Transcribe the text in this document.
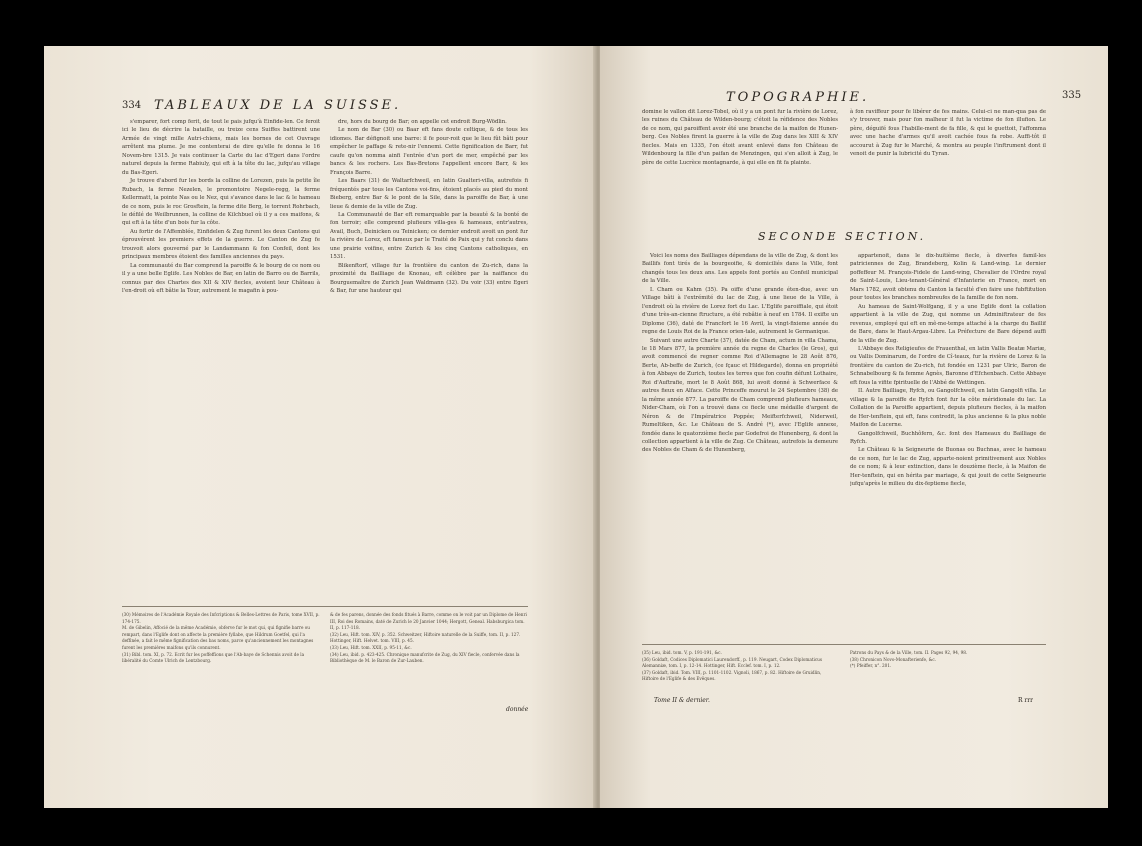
334 TABLEAUX DE LA SUISSE.

s'emparer, fort comp ferit, de tout le pais jufqu'à Einfide-len. Ce feroit ici le lieu de décrire la bataille, ou treize cens Suiffes battirent une Armée de vingt mille Autri-chiens, mais les bornes de cet Ouvrage arrêtent ma plume. Je me contenterai de dire qu'elle fe donna le 16 Novem-bre 1315. Je vais continuer la Carte du lac d'Egeri dans l'ordre naturel depuis la ferme Rabiuly, qui eft à la tête du lac, jufqu'au village du Bas-Egeri.

Je trouve d'abord fur les bords la colline de Lorezen, puis la petite île Rubach, la ferme Nezelen, le promontoire Negele-regg, la ferme Kellermatt, la pointe Nas ou le Nez, qui s'avance dans le lac & le hameau de ce nom, puis le roc Grosftein, la ferme dite Berg, le torrent Rohrbach, le défilé de Weilbrunnen, la colline de Kilchbuel où il y a ces maifons, & qui eft à la tête d'un bois fur la côte.

Au fortir de l'Affemblée, Einfidelen & Zug furent les deux Cantons qui éprouvérent les premiers effets de la guerre. Le Canton de Zug fe trouvoit alors gouverné par le Landammann & fon Confeil, dont les principaux membres étoient des familles anciennes du pays.

La communauté du Bar comprend la paroiffe & le bourg de ce nom ou il y a une belle Eglife. Les Nobles de Bar, en latin de Barro ou de Barrils, connus par des Chartes des XII & XIV fiecles, avoient leur Château à l'en-droit où eft bâtie la Tour, autrement le magafin à pou-

dre, hors du bourg de Bar; on appelle cet endroit Burg-Wödlin.

Le nom de Bar (30) ou Baar eft fans doute celtique, & de tous les idiomes. Bar défignoit une barre: il fe pour-roit que le lieu fût bâti pour empêcher le paffage & rete-nir l'ennemi. Cette fignification de Barr, fut caufe qu'on nomma ainfi l'entrée d'un port de mer, empêché par les bancs & les rochers. Les Bas-Bretons l'appellent encore Barr, & les François Barre.

Les Baars (31) de Waltarfchweil, en latin Gualteri-villa, autrefois fi fréquentés par tous les Cantons voi-fins, étoient placés au pied du mont Bieberg, entre Bar & le pont de la Sile, dans la paroiffe de Bar, à une lieue & demie de la ville de Zug.

La Communauté de Bar eft remarquable par la beauté & la bonté de fon terroir; elle comprend plufieurs villa-ges & hameaux, entr'autres, Avail, Buch, Deinicken ou Teinicken; ce dernier endroit avoit un pont fur la rivière de Lorez, eft fameux par le Traité de Paix qui y fut conclu dans une prairie voifine, entre Zurich & les cinq Cantons catholiques, en 1531.

Blikenftorf, village fur la frontière du canton de Zu-rich, dans la proximité du Bailliage de Knonau, eft célèbre par la naiffance du Bourguemaître de Zurich Jean Waldmann (32). Du voir (33) entre Egeri & Bar, fur une hauteur qui

(30) Mémoires de l'Académie Royale des Infcriptions & Belles-Lettres de Paris, tome XVII, p. 174-175.
M. de Gibelin, Affocié de la même Académie, obferve fur le mot qui, qui fignifie barre ou rempart, dans l'Eglife dont on affecte la première fyllabe, que Hildrum Goetfel, qui l'a deffinée, a fait le même fignification des bas noms, parce qu'anciennement les montagnes furent les premières maifons qu'ils connurent.
(31) Bibl. tom. XI, p. 72. Ecrit fur les poffeffions que l'Ab-baye de Schennis avoit de la libéralité du Comte Ulrich de Lentzbourg.
& de fes parens, donnée des fonds fitués à Barre, comme on le voit par un Diplome de Henri III, Roi des Romains, daté de Zurich le 20 Janvier 1044; Hergott, Geneal. Habsburgica tom. II, p. 117-118.
(32) Leu, Hift. tom. XIV, p. 352. Schweitzer, Hiftoire naturelle de la Suiffe, tom. II, p. 127. Hottinger, Hift. Helvet. tom. VIII, p. 45.
(33) Leu, Hift. tom. XXII, p. 95-11, &c.
(34) Leu, ibid. p. 423-425. Chronique manufcrite de Zug, du XIV fiecle, confervée dans la Bibliothèque de M. le Baron de Zur-Lauben.
donnée
TOPOGRAPHIE.	335

domine le vallon dit Lorez-Tobel, où il y a un pont fur la rivière de Lorez, les ruines du Château de Wilden-bourg; c'étoit la réfidence des Nobles de ce nom, qui paroiffent avoir été une branche de la maifon de Hunen-berg. Ces Nobles firent la guerre à la ville de Zug dans les XIII & XIV fiecles. Mais en 1335, l'on étoit avant enlevé dans fon Château de Wildenbourg la fille d'un paifan de Menzingen, qui s'en alloit à Zug, le père de cette Lucrèce montagnarde, à qui elle en fit fa plainte.

à fon raviffeur pour fe libérer de fes mains. Celui-ci ne man-qua pas de s'y trouver, mais pour fon malheur il fut la victime de fon illufion. Le père, déguifé fous l'habille-ment de fa fille, & qui le guettoit, l'affomma avec une hache d'armes qu'il avoit cachée fous fa robe. Auffi-tôt il accourut à Zug fur le Marché, & montra au peuple l'inftrument dont il venoit de punir la lubricité du Tyran.

SECONDE SECTION.

Voici les noms des Bailliages dépendans de la ville de Zug, & dont les Baillifs font tirés de la bourgeoifie, & domiciliés dans la Ville, font changés tous les deux ans. Les appels font portés au Confeil municipal de la Ville.

I. Cham ou Kahm (35). Pa oiffe d'une grande éten-due, avec un Village bâti à l'extrémité du lac de Zug, à une lieue de la Ville, à l'endroit où la rivière de Lorez fort du Lac. L'Eglife paroiffiale, qui étoit d'une très-an-cienne ftructure, a été rebâtie à neuf en 1784. Il exifte un Diplome (36), daté de Francfort le 16 Avril, la vingt-fixieme année du regne de Louis Roi de la France orien-tale, autrement le Germanique.

Suivant une autre Charte (37), datée de Cham, actum in villa Chama, le 18 Mars 877, la première année du regne de Charles (le Gros), qui avoit commencé de regner comme Roi d'Allemagne le 28 Août 876, Berte, Ab-beffe de Zurich, (ce fçauc et Hildegarde), donna en propriété à fon Abbaye de Zurich, toutes les terres que fon coufin défunt Lothaire, Roi d'Auftrafie, mort le 8 Août 868, lui avoit donné à Schwerface & autres fieux en Alface. Cette Princeffe mourut le 24 Septembre (38) de la même année 877. La paroiffe de Cham comprend plufieurs hameaux, Nider-Cham, où l'on a trouvé dans ce fiecle une médaille d'argent de Néron & de l'Impératrice Poppée; Meifterfchweil, Niderweil, Rumeltiken, &c. Le Château de S. André (*), avec l'Eglife annexe, fondée dans le quatorzième fiecle par Godefroi de Hunenberg, & dont la collection appartient à la ville de Zug. Ce Château, autrefois la demeure des Nobles de Cham & de Hunenberg,

appartenoit, dans le dix-huitième fiecle, à diverfes famil-les patriciennes de Zug, Brandeberg, Kolin & Land-wing. Le dernier poffeffeur M. François-Fidele de Land-wing, Chevalier de l'Ordre royal de Saint-Louis, Lieu-tenant-Général d'Infanterie en France, mort en Mars 1782, avoit obtenu du Canton la faculté d'en faire une fubftitution pour toutes les branches nombreufes de la famille de fon nom.

Au hameau de Saint-Wolfgang, il y a une Eglife dont la collation appartient à la ville de Zug, qui nomme un Adminiftrateur de fes revenus, employé qui eft en mê-me-temps attaché à la charge du Baillif de Bare, dans le Haut-Argau-Libre. La Préfecture de Bare dépend auffi de la ville de Zug.

L'Abbaye des Religieufes de Frauenthal, en latin Vallis Beatæ Mariæ, ou Vallis Dominarum, de l'ordre de Cî-teaux, fur la rivière de Lorez & la frontière du canton de Zu-rich, fut fondée en 1231 par Ulric, Baron de Schnabelbourg & fa femme Agnès, Baronne d'Efchenbach. Cette Abbaye eft fous la vifite fpirituelle de l'Abbé de Wettingen.

II. Autre Bailliage, Ryfch, ou Gangolfchweil, en latin Gangolfi villa. Le village & la paroiffe de Ryfch font fur la côte méridionale du lac. La Collation de la Paroiffe appartient, depuis plufieurs fiecles, à la maifon de Her-tenftein, qui eft, fans contredit, la plus ancienne & la plus noble Maifon de Lucerne.

Gangolfchweil, Buchhôfern, &c. font des Hameaux du Bailliage de Ryfch.

Le Château & la Seigneurie de Buonas ou Buchnas, avec le hameau de ce nom, fur le lac de Zug, apparte-noient primitivement aux Nobles de ce nom; & à leur extinction, dans le douzième fiecle, à la Maifon de Her-tenftein, qui en hérita par mariage, & qui jouit de cette Seigneurie jufqu'après le milieu du dix-feptieme fiecle,

(35) Leu, ibid. tom. V, p. 191-191, &c.
(36) Goldaft, Codices Diplomatici Laurendorff., p. 119. Neugart, Codex Diplomaticus Alemanniæ, tom. I, p. 12-14. Hottinger, Hift. Ecclef. tom. I, p. 12.
(37) Goldaft, ibid. Tom. VIII, p. 1101-1102. Vignoli, 1867, p. 82. Hiftoire de Gruidlin, Hiftoire de l'Eglife & des Evêques.
Patrons du Pays & de la Ville, tom. II. Pages 92, 94, 98.
(38) Chronicon Novo-Monafterienfe, &c.
(*) Pfeiffer, n°. 201.
Tome II & dernier.	R rrr
